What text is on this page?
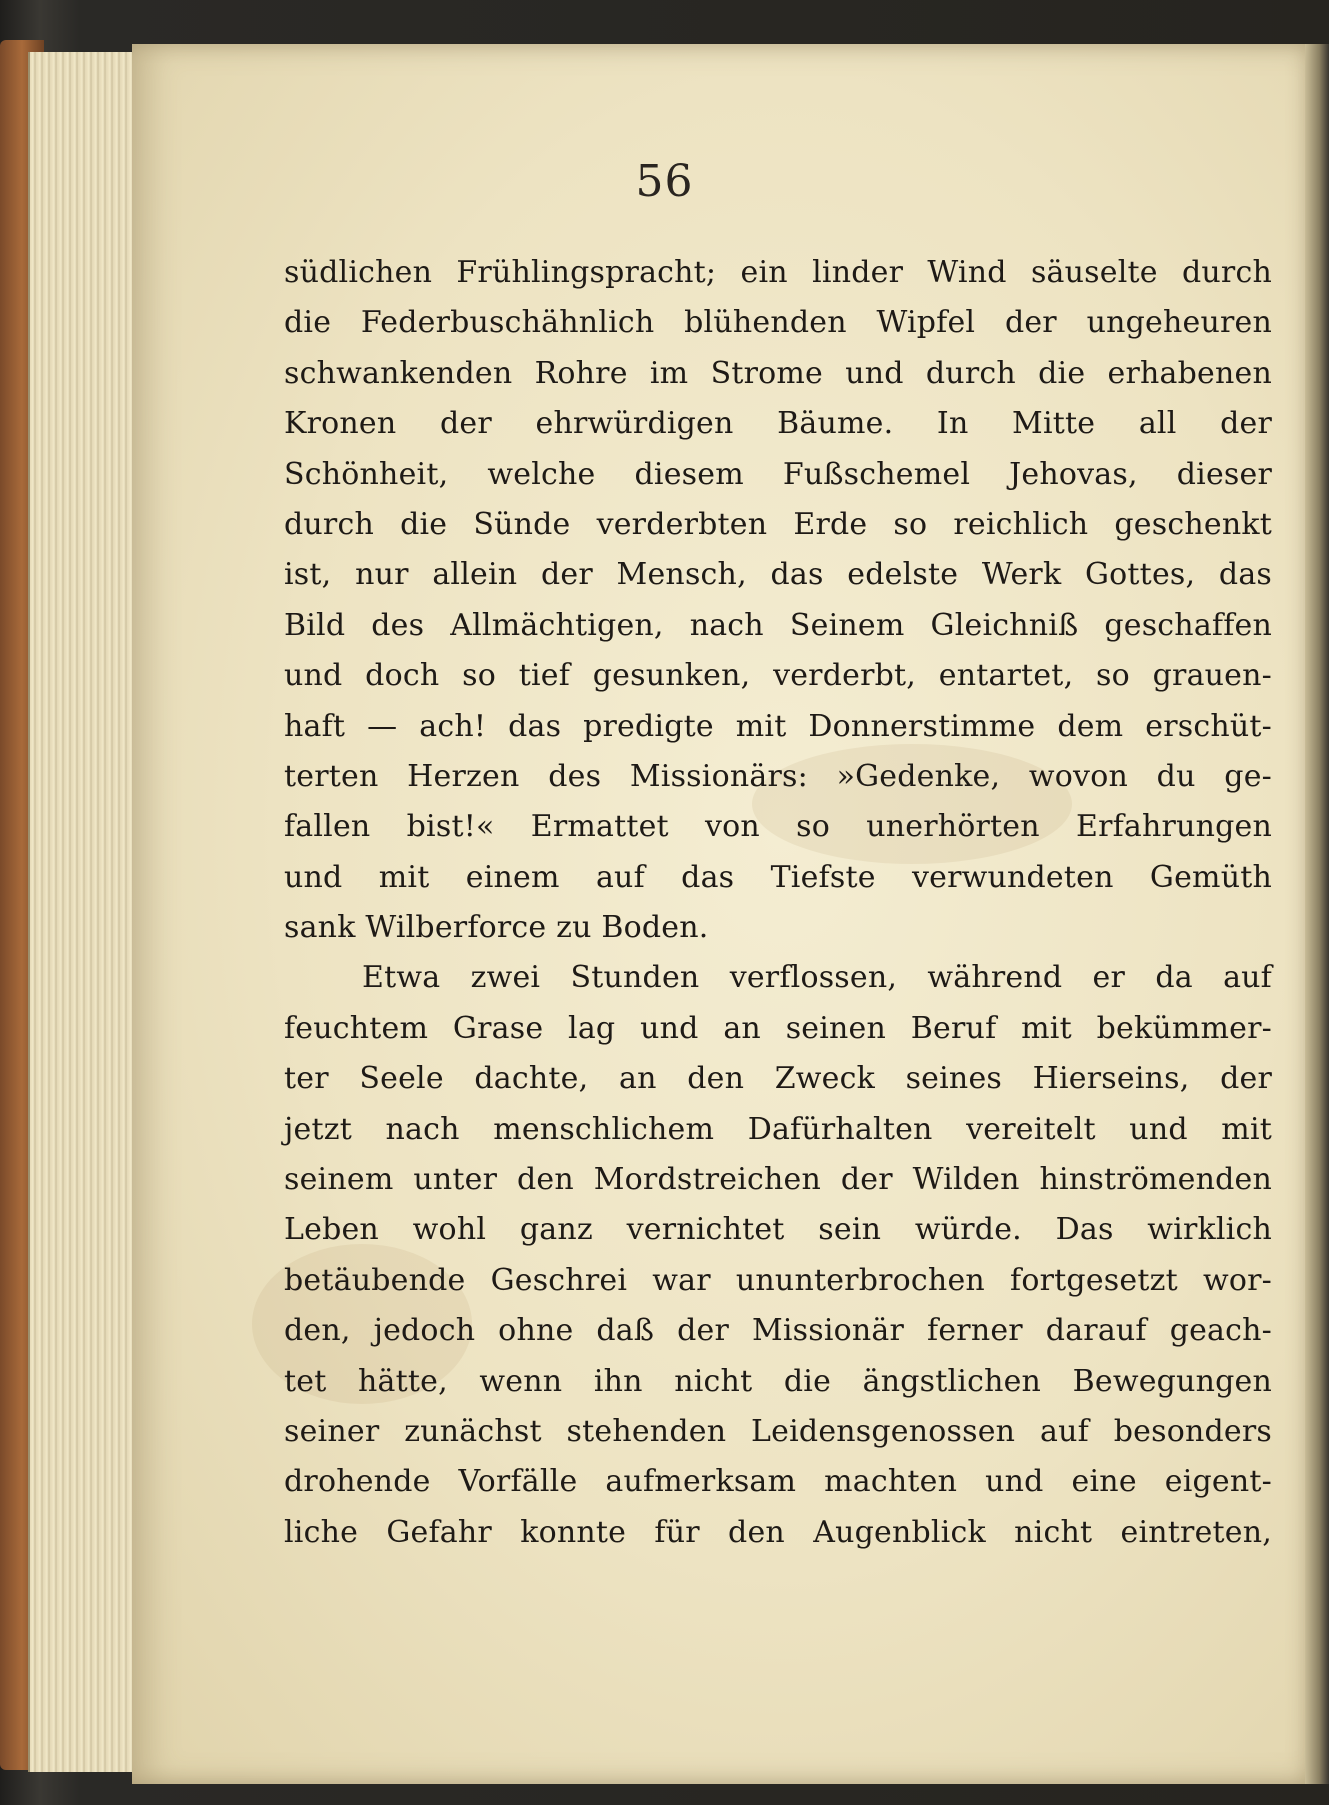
56
südlichen Frühlingspracht; ein linder Wind säuselte durch
die Federbuschähnlich blühenden Wipfel der ungeheuren
schwankenden Rohre im Strome und durch die erhabenen
Kronen der ehrwürdigen Bäume. In Mitte all der
Schönheit, welche diesem Fußschemel Jehovas, dieser
durch die Sünde verderbten Erde so reichlich geschenkt
ist, nur allein der Mensch, das edelste Werk Gottes, das
Bild des Allmächtigen, nach Seinem Gleichniß geschaffen
und doch so tief gesunken, verderbt, entartet, so grauen-
haft — ach! das predigte mit Donnerstimme dem erschüt-
terten Herzen des Missionärs: »Gedenke, wovon du ge-
fallen bist!« Ermattet von so unerhörten Erfahrungen
und mit einem auf das Tiefste verwundeten Gemüth
sank Wilberforce zu Boden.
Etwa zwei Stunden verflossen, während er da auf
feuchtem Grase lag und an seinen Beruf mit bekümmer-
ter Seele dachte, an den Zweck seines Hierseins, der
jetzt nach menschlichem Dafürhalten vereitelt und mit
seinem unter den Mordstreichen der Wilden hinströmenden
Leben wohl ganz vernichtet sein würde. Das wirklich
betäubende Geschrei war ununterbrochen fortgesetzt wor-
den, jedoch ohne daß der Missionär ferner darauf geach-
tet hätte, wenn ihn nicht die ängstlichen Bewegungen
seiner zunächst stehenden Leidensgenossen auf besonders
drohende Vorfälle aufmerksam machten und eine eigent-
liche Gefahr konnte für den Augenblick nicht eintreten,
